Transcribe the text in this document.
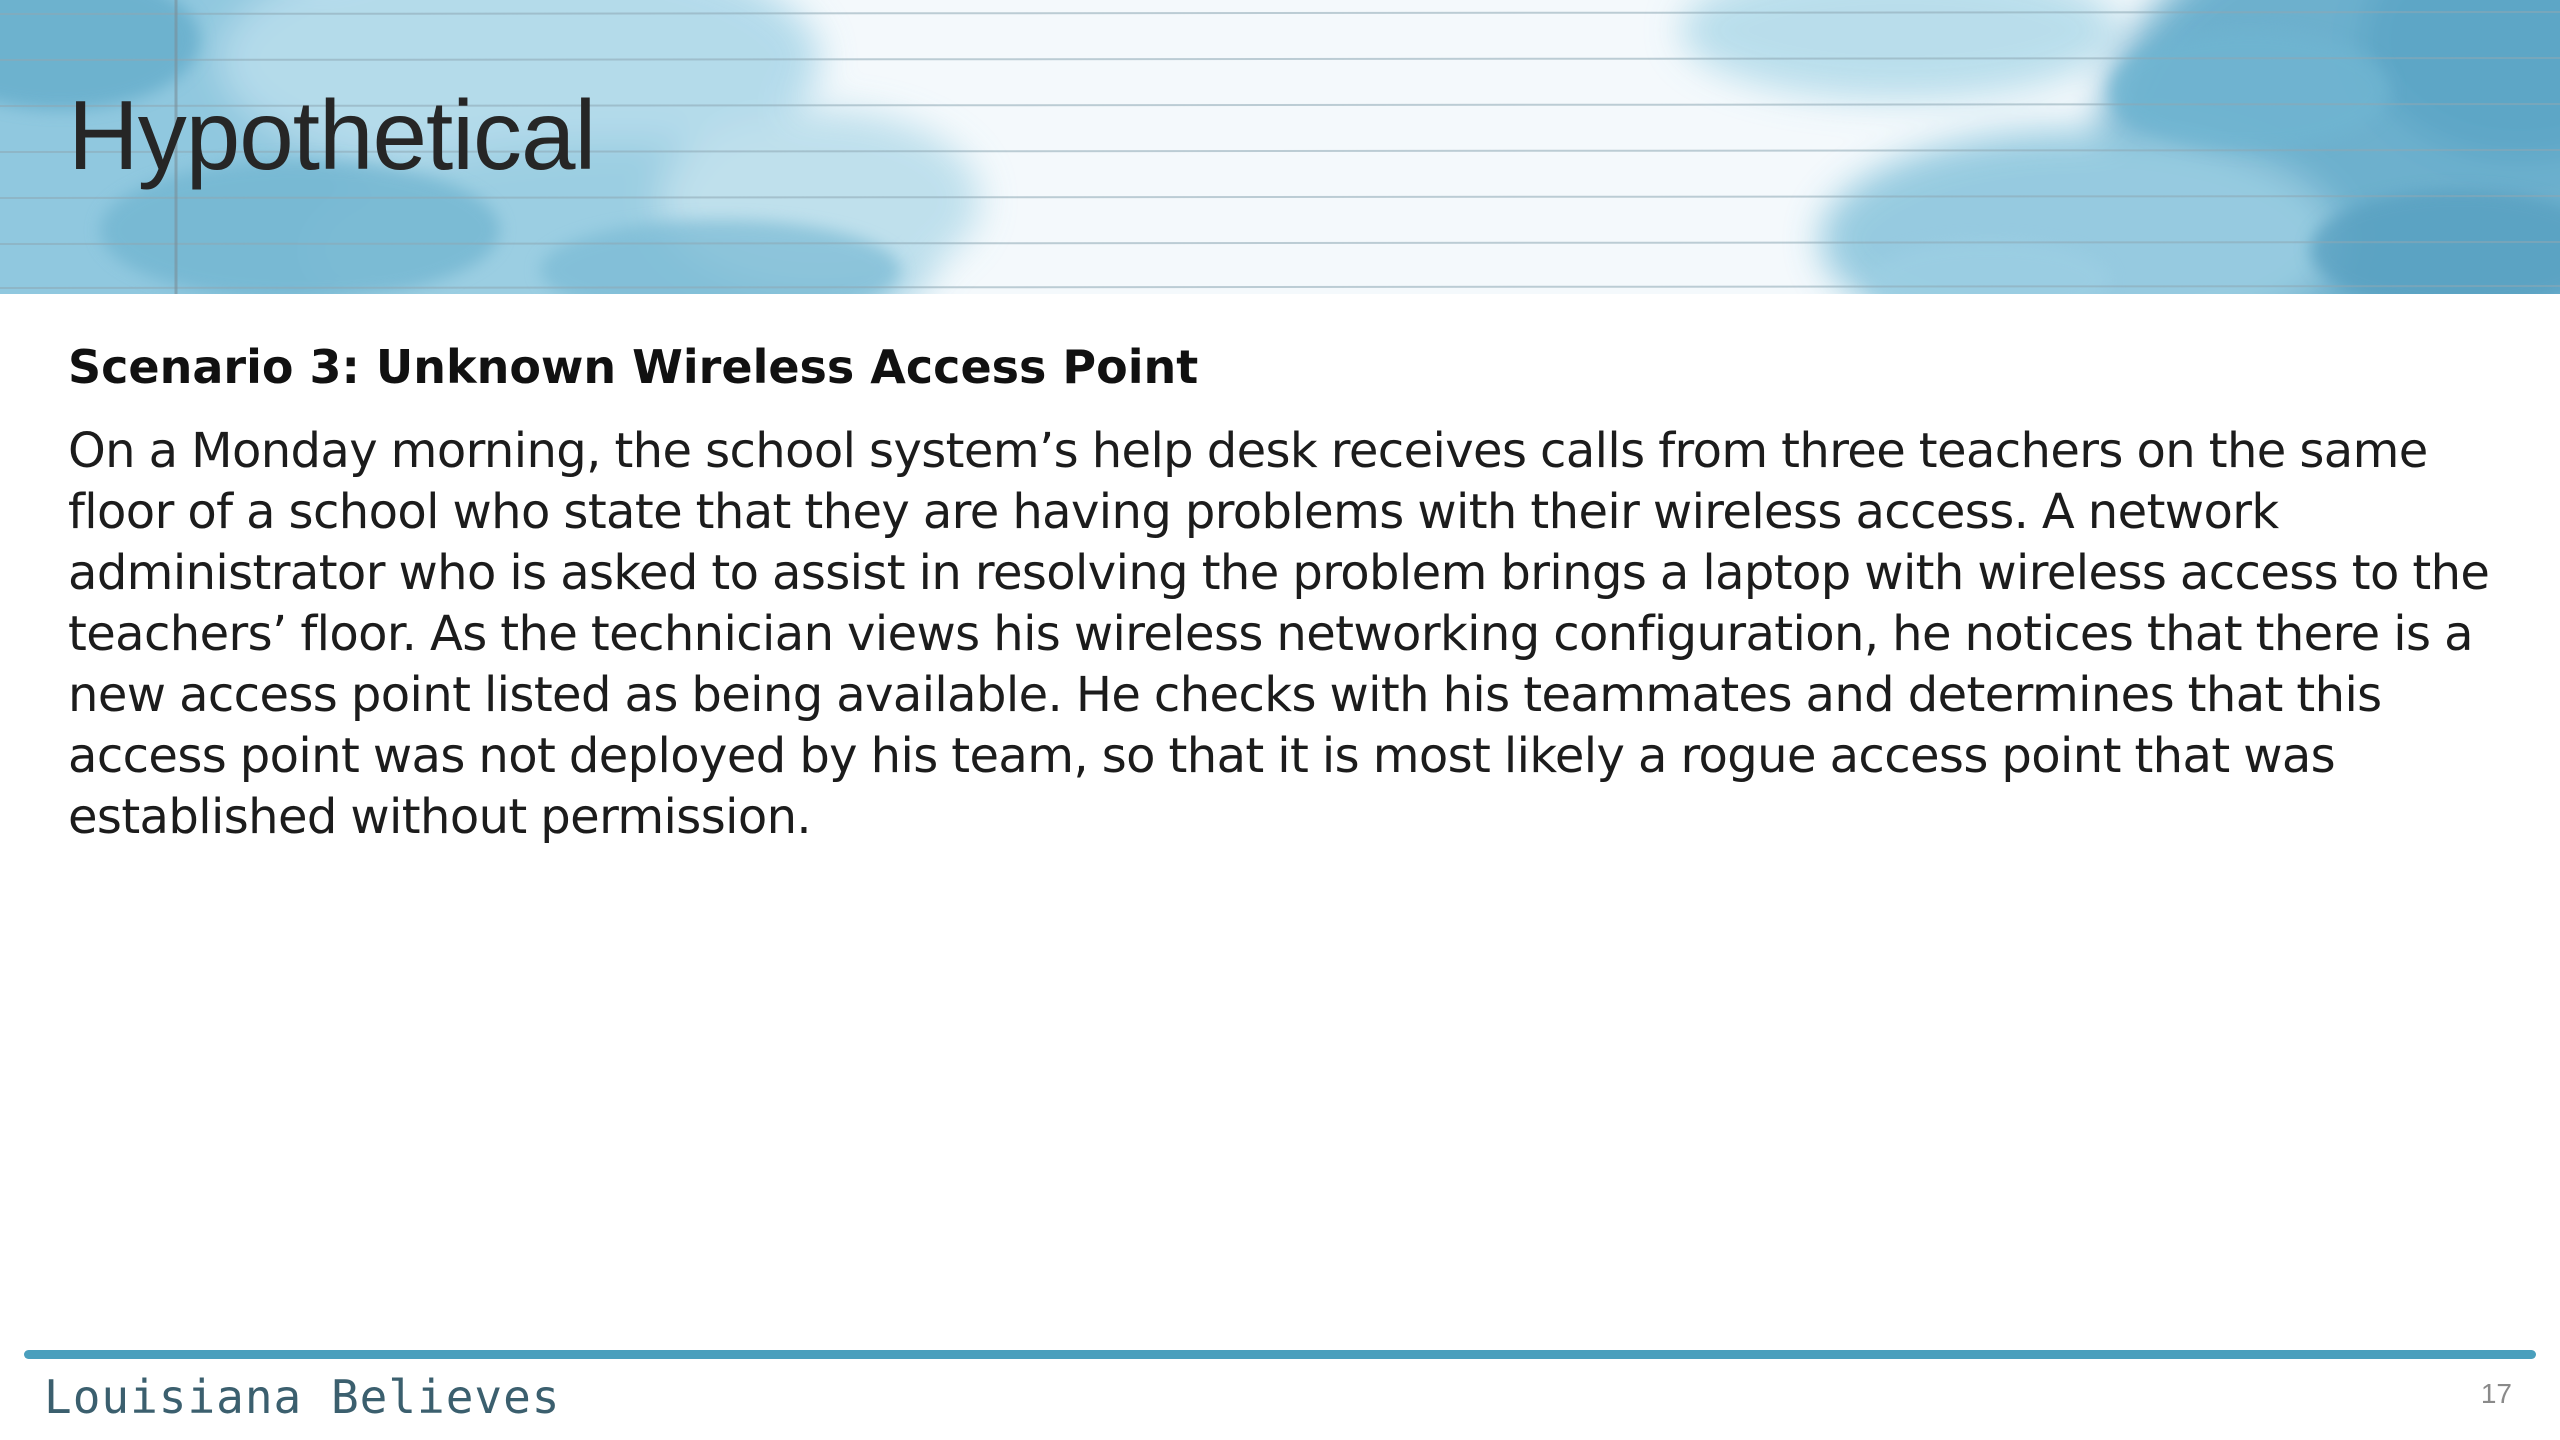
Hypothetical

Scenario 3: Unknown Wireless Access Point

On a Monday morning, the school system’s help desk receives calls from three teachers on the same floor of a school who state that they are having problems with their wireless access. A network administrator who is asked to assist in resolving the problem brings a laptop with wireless access to the teachers’ floor. As the technician views his wireless networking configuration, he notices that there is a new access point listed as being available. He checks with his teammates and determines that this access point was not deployed by his team, so that it is most likely a rogue access point that was established without permission.

Louisiana Believes	17
